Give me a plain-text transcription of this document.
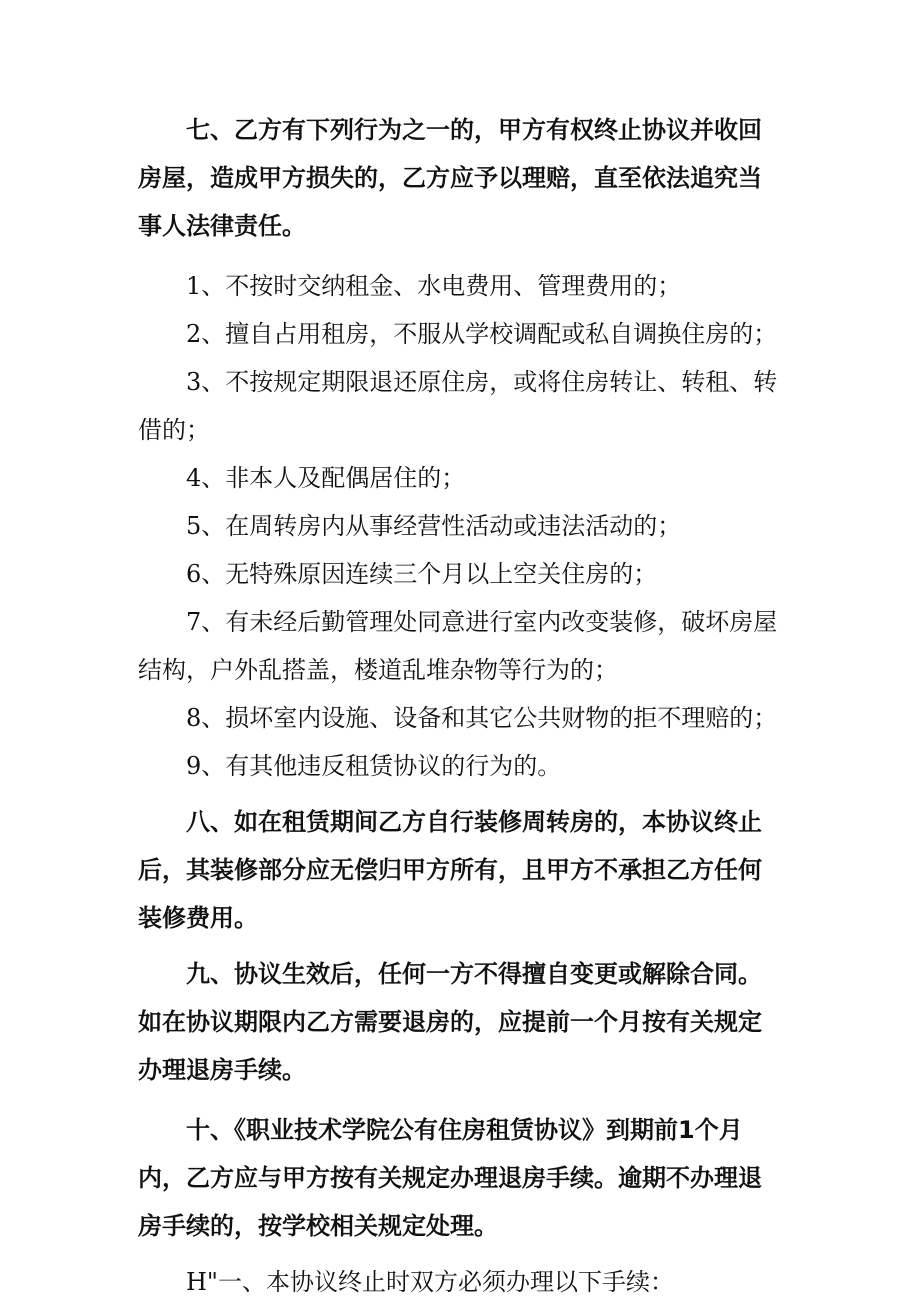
七、乙方有下列行为之一的，甲方有权终止协议并收回房屋，造成甲方损失的，乙方应予以理赔，直至依法追究当事人法律责任。

1、不按时交纳租金、水电费用、管理费用的；

2、擅自占用租房，不服从学校调配或私自调换住房的；

3、不按规定期限退还原住房，或将住房转让、转租、转借的；

4、非本人及配偶居住的；

5、在周转房内从事经营性活动或违法活动的；

6、无特殊原因连续三个月以上空关住房的；

7、有未经后勤管理处同意进行室内改变装修，破坏房屋结构，户外乱搭盖，楼道乱堆杂物等行为的；

8、损坏室内设施、设备和其它公共财物的拒不理赔的；

9、有其他违反租赁协议的行为的。

八、如在租赁期间乙方自行装修周转房的，本协议终止后，其装修部分应无偿归甲方所有，且甲方不承担乙方任何装修费用。

九、协议生效后，任何一方不得擅自变更或解除合同。如在协议期限内乙方需要退房的，应提前一个月按有关规定办理退房手续。

十、《职业技术学院公有住房租赁协议》到期前1个月内，乙方应与甲方按有关规定办理退房手续。逾期不办理退房手续的，按学校相关规定处理。

H"一、本协议终止时双方必须办理以下手续：
